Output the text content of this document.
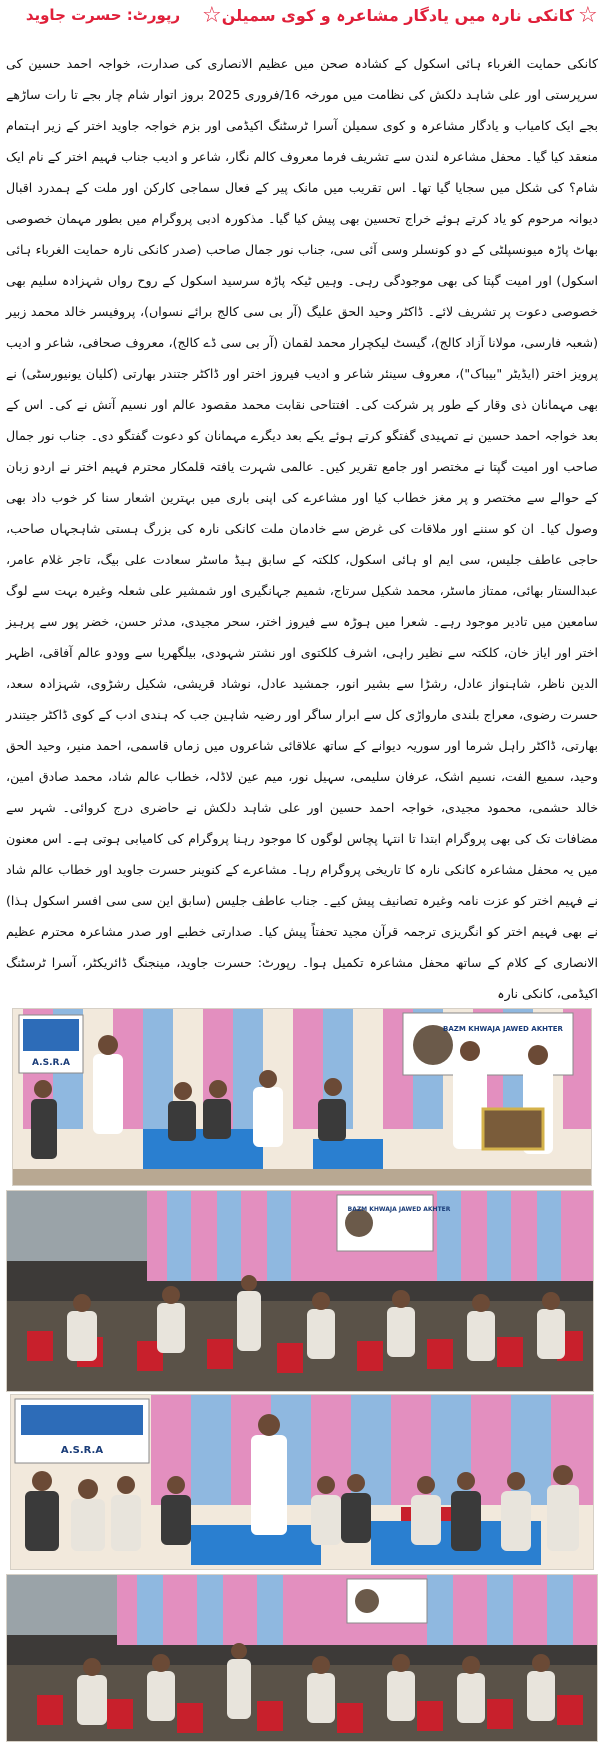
☆
کانکی نارہ میں یادگار مشاعرہ و کوی سمیلن
☆
رپورٹ: حسرت جاوید
کانکی حمایت الغرباء ہائی اسکول کے کشادہ صحن میں عظیم الانصاری کی صدارت، خواجہ احمد حسین کی سرپرستی اور علی شاہد دلکش کی نظامت میں مورخہ 16/فروری 2025 بروز اتوار شام چار بجے تا رات ساڑھے بجے ایک کامیاب و یادگار مشاعرہ و کوی سمیلن آسرا ٹرسٹنگ اکیڈمی اور بزم خواجہ جاوید اختر کے زیر اہتمام منعقد کیا گیا۔ محفل مشاعرہ لندن سے تشریف فرما معروف کالم نگار، شاعر و ادیب جناب فہیم اختر کے نام ایک شام؟ کی شکل میں سجایا گیا تھا۔ اس تقریب میں مانک پیر کے فعال سماجی کارکن اور ملت کے ہمدرد اقبال دیوانہ مرحوم کو یاد کرتے ہوئے خراج تحسین بھی پیش کیا گیا۔ مذکورہ ادبی پروگرام میں بطور مہمان خصوصی بھاٹ پاڑہ میونسپلٹی کے دو کونسلر وسی آئی سی، جناب نور جمال صاحب (صدر کانکی نارہ حمایت الغرباء ہائی اسکول) اور امیت گپتا کی بھی موجودگی رہی۔ وہیں ٹیکہ پاڑہ سرسید اسکول کے روح رواں شہزادہ سلیم بھی خصوصی دعوت پر تشریف لائے۔ ڈاکٹر وحید الحق علیگ (آر بی سی کالج برائے نسواں)، پروفیسر خالد محمد زبیر (شعبہ فارسی، مولانا آزاد کالج)، گیسٹ لیکچرار محمد لقمان (آر بی سی ڈے کالج)، معروف صحافی، شاعر و ادیب پرویز اختر (ایڈیٹر "بیباک")، معروف سینئر شاعر و ادیب فیروز اختر اور ڈاکٹر جتندر بھارتی (کلیان یونیورسٹی) نے بھی مہمانان ذی وقار کے طور پر شرکت کی۔ افتتاحی نقابت محمد مقصود عالم اور نسیم آتش نے کی۔ اس کے بعد خواجہ احمد حسین نے تمہیدی گفتگو کرتے ہوئے یکے بعد دیگرے مہمانان کو دعوت گفتگو دی۔ جناب نور جمال صاحب اور امیت گپتا نے مختصر اور جامع تقریر کیں۔ عالمی شہرت یافتہ قلمکار محترم فہیم اختر نے اردو زبان کے حوالے سے مختصر و پر مغز خطاب کیا اور مشاعرے کی اپنی باری میں بہترین اشعار سنا کر خوب داد بھی وصول کیا۔ ان کو سننے اور ملاقات کی غرض سے خادمان ملت کانکی نارہ کی بزرگ ہستی شاہجہاں صاحب، حاجی عاطف جلیس، سی ایم او ہائی اسکول، کلکتہ کے سابق ہیڈ ماسٹر سعادت علی بیگ، تاجر غلام عامر، عبدالستار بھائی، ممتاز ماسٹر، محمد شکیل سرتاج، شمیم جہانگیری اور شمشیر علی شعلہ وغیرہ بہت سے لوگ سامعین میں تادیر موجود رہے۔ شعرا میں ہوڑہ سے فیروز اختر، سحر مجیدی، مدثر حسن، خضر پور سے پرہیز اختر اور ایاز خان، کلکتہ سے نظیر راہی، اشرف کلکتوی اور نشتر شہودی، بیلگھریا سے وودو عالم آفاقی، اظہر الدین ناظر، شاہنواز عادل، رشڑا سے بشیر انور، جمشید عادل، نوشاد قریشی، شکیل رشڑوی، شہزادہ سعد، حسرت رضوی، معراج بلندی مارواڑی کل سے ابرار ساگر اور رضیہ شاہین جب کہ ہندی ادب کے کوی ڈاکٹر جیتندر بھارتی، ڈاکٹر راہل شرما اور سوریہ دیوانے کے ساتھ علاقائی شاعروں میں زماں قاسمی، احمد منیر، وحید الحق وحید، سمیع الفت، نسیم اشک، عرفان سلیمی، سہیل نور، میم عین لاڈلہ، خطاب عالم شاد، محمد صادق امین، خالد حشمی، محمود مجیدی، خواجہ احمد حسین اور علی شاہد دلکش نے حاضری درج کروائی۔ شہر سے مضافات تک کی بھی پروگرام ابتدا تا انتہا پچاس لوگوں کا موجود رہنا پروگرام کی کامیابی ہوتی ہے۔ اس معنون میں یہ محفل مشاعرہ کانکی نارہ کا تاریخی پروگرام رہا۔ مشاعرے کے کنوینر حسرت جاوید اور خطاب عالم شاد نے فہیم اختر کو عزت نامہ وغیرہ تصانیف پیش کیے۔ جناب عاطف جلیس (سابق این سی سی افسر اسکول ہذا) نے بھی فہیم اختر کو انگریزی ترجمہ قرآن مجید تحفتاً پیش کیا۔ صدارتی خطبے اور صدر مشاعرہ محترم عظیم الانصاری کے کلام کے ساتھ محفل مشاعرہ تکمیل ہوا۔ رپورٹ: حسرت جاوید، مینجنگ ڈائریکٹر، آسرا ٹرسٹنگ اکیڈمی، کانکی نارہ
A.S.R.A
BAZM KHWAJA JAWED AKHTER
BAZM KHWAJA JAWED AKHTER
A.S.R.A
